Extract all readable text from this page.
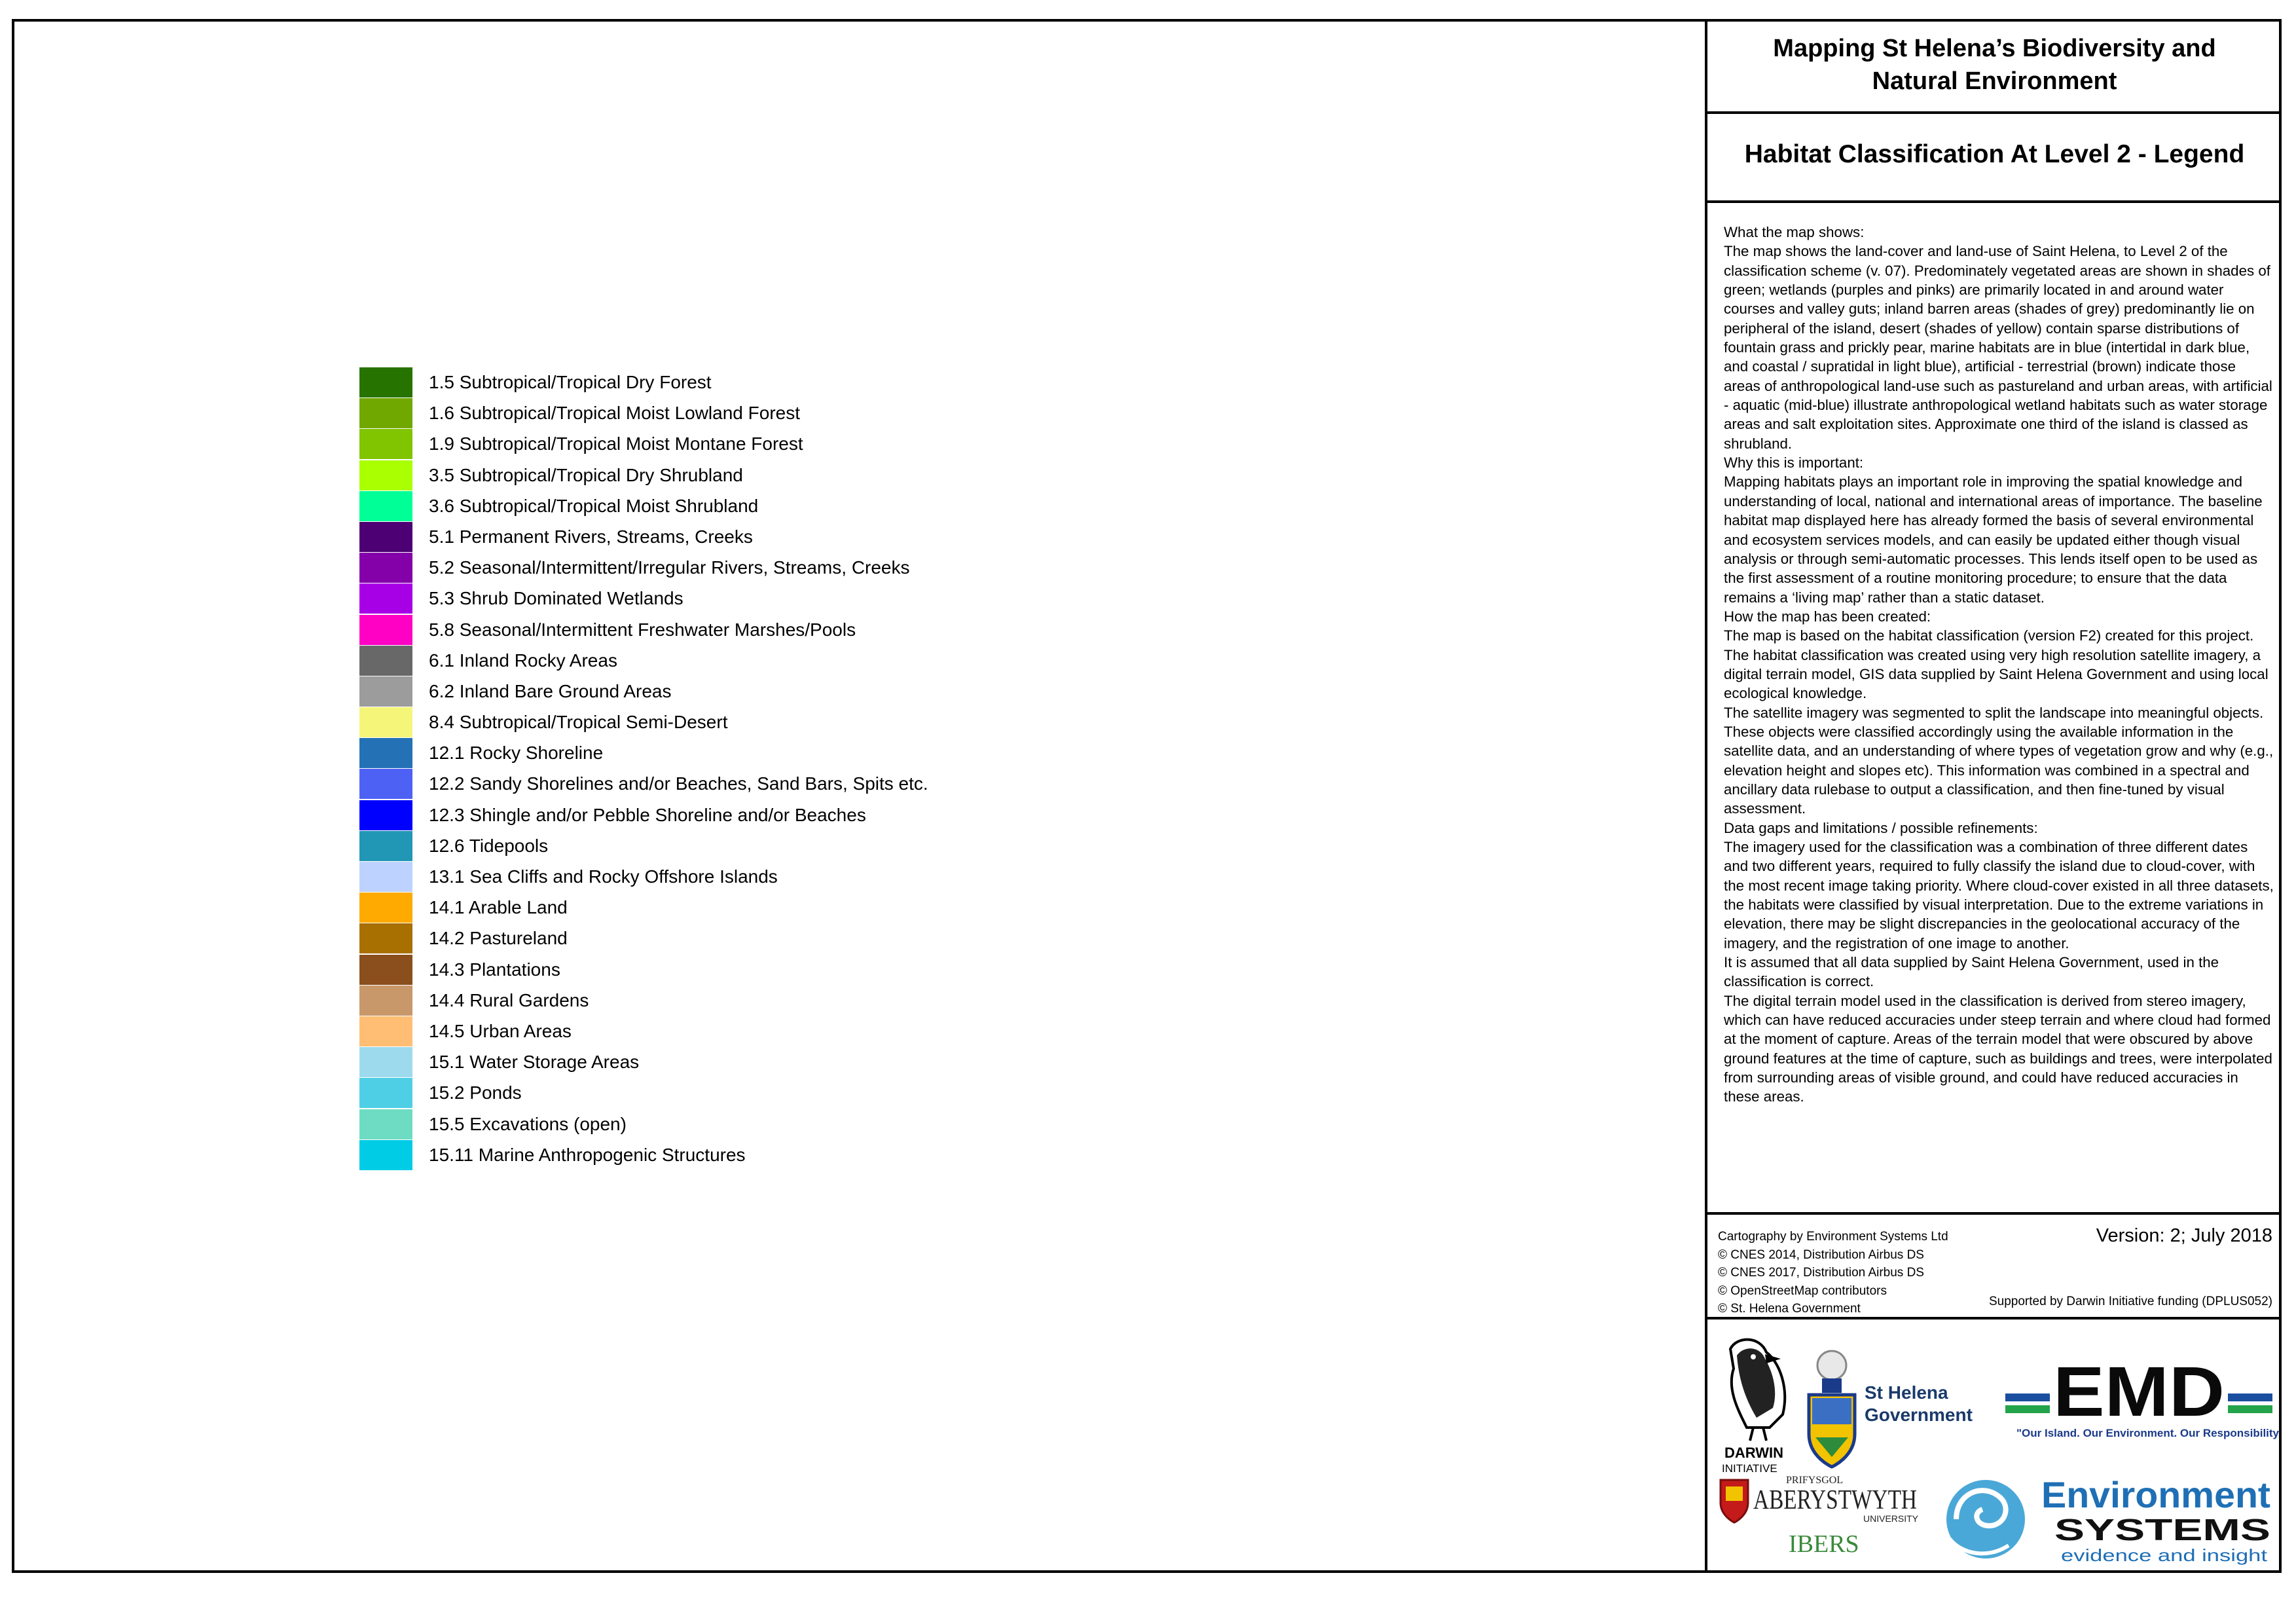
1.5 Subtropical/Tropical Dry Forest
1.6 Subtropical/Tropical Moist Lowland Forest
1.9 Subtropical/Tropical Moist Montane Forest
3.5 Subtropical/Tropical Dry Shrubland
3.6 Subtropical/Tropical Moist Shrubland
5.1 Permanent Rivers, Streams, Creeks
5.2 Seasonal/Intermittent/Irregular Rivers, Streams, Creeks
5.3 Shrub Dominated Wetlands
5.8 Seasonal/Intermittent Freshwater Marshes/Pools
6.1 Inland Rocky Areas
6.2 Inland Bare Ground Areas
8.4 Subtropical/Tropical Semi-Desert
12.1 Rocky Shoreline
12.2 Sandy Shorelines and/or Beaches, Sand Bars, Spits etc.
12.3 Shingle and/or Pebble Shoreline and/or Beaches
12.6 Tidepools
13.1 Sea Cliffs and Rocky Offshore Islands
14.1 Arable Land
14.2 Pastureland
14.3 Plantations
14.4 Rural Gardens
14.5 Urban Areas
15.1 Water Storage Areas
15.2 Ponds
15.5 Excavations (open)
15.11 Marine Anthropogenic Structures
Mapping St Helena’s Biodiversity and
Natural Environment
Habitat Classification At Level 2 - Legend

What the map shows:

The map shows the land-cover and land-use of Saint Helena, to Level 2 of the classification scheme (v. 07). Predominately vegetated areas are shown in shades of green; wetlands (purples and pinks) are primarily located in and around water courses and valley guts; inland barren areas (shades of grey) predominantly lie on peripheral of the island, desert (shades of yellow) contain sparse distributions of fountain grass and prickly pear, marine habitats are in blue (intertidal in dark blue, and coastal / supratidal in light blue), artificial - terrestrial (brown) indicate those areas of anthropological land-use such as pastureland and urban areas, with artificial - aquatic (mid-blue) illustrate anthropological wetland habitats such as water storage areas and salt exploitation sites. Approximate one third of the island is classed as shrubland.

Why this is important:

Mapping habitats plays an important role in improving the spatial knowledge and understanding of local, national and international areas of importance. The baseline habitat map displayed here has already formed the basis of several environmental and ecosystem services models, and can easily be updated either though visual analysis or through semi-automatic processes. This lends itself open to be used as the first assessment of a routine monitoring procedure; to ensure that the data remains a ‘living map’ rather than a static dataset.

How the map has been created:

The map is based on the habitat classification (version F2) created for this project. The habitat classification was created using very high resolution satellite imagery, a digital terrain model, GIS data supplied by Saint Helena Government and using local ecological knowledge.

The satellite imagery was segmented to split the landscape into meaningful objects. These objects were classified accordingly using the available information in the satellite data, and an understanding of where types of vegetation grow and why (e.g., elevation height and slopes etc). This information was combined in a spectral and ancillary data rulebase to output a classification, and then fine-tuned by visual assessment.

Data gaps and limitations / possible refinements:

The imagery used for the classification was a combination of three different dates and two different years, required to fully classify the island due to cloud-cover, with the most recent image taking priority. Where cloud-cover existed in all three datasets, the habitats were classified by visual interpretation. Due to the extreme variations in elevation, there may be slight discrepancies in the geolocational accuracy of the imagery, and the registration of one image to another.

It is assumed that all data supplied by Saint Helena Government, used in the classification is correct.

The digital terrain model used in the classification is derived from stereo imagery, which can have reduced accuracies under steep terrain and where cloud had formed at the moment of capture. Areas of the terrain model that were obscured by above ground features at the time of capture, such as buildings and trees, were interpolated from surrounding areas of visible ground, and could have reduced accuracies in these areas.

Cartography by Environment Systems Ltd
© CNES 2014, Distribution Airbus DS
© CNES 2017, Distribution Airbus DS
© OpenStreetMap contributors
© St. Helena Government
Version: 2; July 2018
Supported by Darwin Initiative funding (DPLUS052)
DARWIN
INITIATIVE
St Helena
Government EMD
"Our Island. Our Environment. Our Responsibility."
PRIFYSGOL
ABERYSTWYTH
UNIVERSITY
IBERS
Environment
SYSTEMS
evidence and insight
